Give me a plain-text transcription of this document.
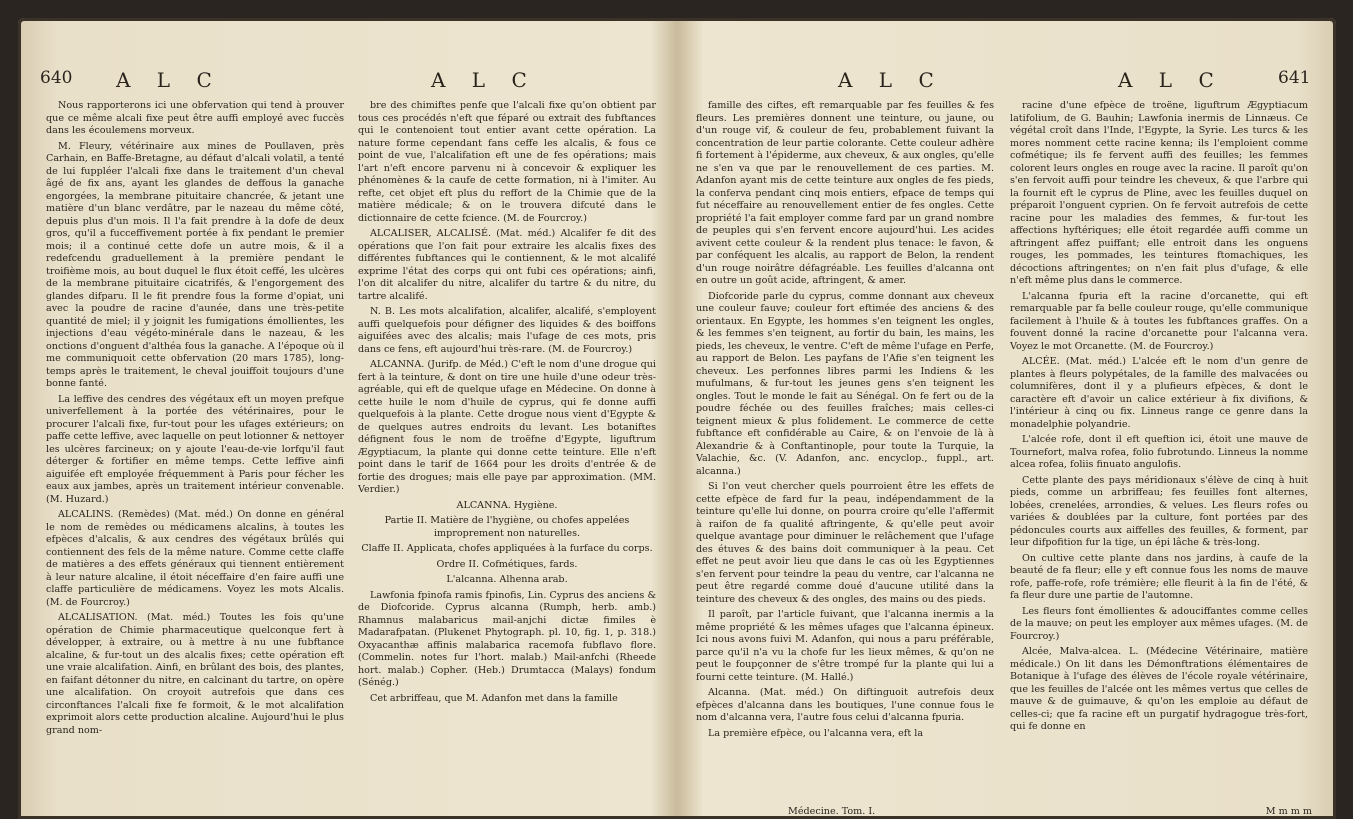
640 A L C	A L C

Nous rapporterons ici une obfervation qui tend à prouver que ce même alcali fixe peut être auffi employé avec fuccès dans les écoulemens morveux.

M. Fleury, vétérinaire aux mines de Poullaven, près Carhain, en Baffe-Bretagne, au défaut d'alcali volatil, a tenté de lui fuppléer l'alcali fixe dans le traitement d'un cheval âgé de fix ans, ayant les glandes de deffous la ganache engorgées, la membrane pituitaire chancrée, & jetant une matière d'un blanc verdâtre, par le nazeau du même côté, depuis plus d'un mois. Il l'a fait prendre à la dofe de deux gros, qu'il a fucceffivement portée à fix pendant le premier mois; il a continué cette dofe un autre mois, & il a redefcendu graduellement à la première pendant le troifième mois, au bout duquel le flux étoit ceffé, les ulcères de la membrane pituitaire cicatrifés, & l'engorgement des glandes difparu. Il le fit prendre fous la forme d'opiat, uni avec la poudre de racine d'aunée, dans une très-petite quantité de miel; il y joignit les fumigations émollientes, les injections d'eau végéto-minérale dans le nazeau, & les onctions d'onguent d'althéa fous la ganache. A l'époque où il me communiquoit cette obfervation (20 mars 1785), long-temps après le traitement, le cheval jouiffoit toujours d'une bonne fanté.

La leffive des cendres des végétaux eft un moyen prefque univerfellement à la portée des vétérinaires, pour le procurer l'alcali fixe, fur-tout pour les ufages extérieurs; on paffe cette leffive, avec laquelle on peut lotionner & nettoyer les ulcères farcineux; on y ajoute l'eau-de-vie lorfqu'il faut déterger & fortifier en même temps. Cette leffive ainfi aiguifée eft employée fréquemment à Paris pour fécher les eaux aux jambes, après un traitement intérieur convenable. (M. Huzard.)

ALCALINS. (Remèdes) (Mat. méd.) On donne en général le nom de remèdes ou médicamens alcalins, à toutes les efpèces d'alcalis, & aux cendres des végétaux brûlés qui contiennent des fels de la même nature. Comme cette claffe de matières a des effets généraux qui tiennent entièrement à leur nature alcaline, il étoit néceffaire d'en faire auffi une claffe particulière de médicamens. Voyez les mots Alcalis. (M. de Fourcroy.)

ALCALISATION. (Mat. méd.) Toutes les fois qu'une opération de Chimie pharmaceutique quelconque fert à développer, à extraire, ou à mettre à nu une fubftance alcaline, & fur-tout un des alcalis fixes; cette opération eft une vraie alcalifation. Ainfi, en brûlant des bois, des plantes, en faifant détonner du nitre, en calcinant du tartre, on opère une alcalifation. On croyoit autrefois que dans ces circonftances l'alcali fixe fe formoit, & le mot alcalifation exprimoit alors cette production alcaline. Aujourd'hui le plus grand nom-

bre des chimiftes penfe que l'alcali fixe qu'on obtient par tous ces procédés n'eft que féparé ou extrait des fubftances qui le contenoient tout entier avant cette opération. La nature forme cependant fans ceffe les alcalis, & fous ce point de vue, l'alcalifation eft une de fes opérations; mais l'art n'eft encore parvenu ni à concevoir & expliquer les phénomènes & la caufe de cette formation, ni à l'imiter. Au refte, cet objet eft plus du reffort de la Chimie que de la matière médicale; & on le trouvera difcuté dans le dictionnaire de cette fcience. (M. de Fourcroy.)

ALCALISER, ALCALISÉ. (Mat. méd.) Alcalifer fe dit des opérations que l'on fait pour extraire les alcalis fixes des différentes fubftances qui le contiennent, & le mot alcalifé exprime l'état des corps qui ont fubi ces opérations; ainfi, l'on dit alcalifer du nitre, alcalifer du tartre & du nitre, du tartre alcalifé.

N. B. Les mots alcalifation, alcalifer, alcalifé, s'employent auffi quelquefois pour défigner des liquides & des boiffons aiguifées avec des alcalis; mais l'ufage de ces mots, pris dans ce fens, eft aujourd'hui très-rare. (M. de Fourcroy.)

ALCANNA. (Jurifp. de Méd.) C'eft le nom d'une drogue qui fert à la teinture, & dont on tire une huile d'une odeur très-agréable, qui eft de quelque ufage en Médecine. On donne à cette huile le nom d'huile de cyprus, qui fe donne auffi quelquefois à la plante. Cette drogue nous vient d'Egypte & de quelques autres endroits du levant. Les botaniftes défignent fous le nom de troëfne d'Egypte, liguftrum Ægyptiacum, la plante qui donne cette teinture. Elle n'eft point dans le tarif de 1664 pour les droits d'entrée & de fortie des drogues; mais elle paye par approximation. (MM. Verdier.)

ALCANNA. Hygiène.

Partie II. Matière de l'hygiène, ou chofes appelées improprement non naturelles.

Claffe II. Applicata, chofes appliquées à la furface du corps.

Ordre II. Cofmétiques, fards.

L'alcanna. Alhenna arab.

Lawfonia fpinofa ramis fpinofis, Lin. Cyprus des anciens & de Diofcoride. Cyprus alcanna (Rumph, herb. amb.) Rhamnus malabaricus mail-anjchi dictæ fimiles è Madarafpatan. (Plukenet Phytograph. pl. 10, fig. 1, p. 318.) Oxyacanthæ affinis malabarica racemofa fubflavo flore. (Commelin. notes fur l'hort. malab.) Mail-anfchi (Rheede hort. malab.) Copher. (Heb.) Drumtacca (Malays) fondum (Sénég.)

Cet arbriffeau, que M. Adanfon met dans la famille

A L C	A L C	641

famille des ciftes, eft remarquable par fes feuilles & fes fleurs. Les premières donnent une teinture, ou jaune, ou d'un rouge vif, & couleur de feu, probablement fuivant la concentration de leur partie colorante. Cette couleur adhère fi fortement à l'épiderme, aux cheveux, & aux ongles, qu'elle ne s'en va que par le renouvellement de ces parties. M. Adanfon ayant mis de cette teinture aux ongles de fes pieds, la conferva pendant cinq mois entiers, efpace de temps qui fut néceffaire au renouvellement entier de fes ongles. Cette propriété l'a fait employer comme fard par un grand nombre de peuples qui s'en fervent encore aujourd'hui. Les acides avivent cette couleur & la rendent plus tenace: le favon, & par conféquent les alcalis, au rapport de Belon, la rendent d'un rouge noirâtre défagréable. Les feuilles d'alcanna ont en outre un goût acide, aftringent, & amer.

Diofcoride parle du cyprus, comme donnant aux cheveux une couleur fauve; couleur fort eftimée des anciens & des orientaux. En Egypte, les hommes s'en teignent les ongles, & les femmes s'en teignent, au fortir du bain, les mains, les pieds, les cheveux, le ventre. C'eft de même l'ufage en Perfe, au rapport de Belon. Les payfans de l'Afie s'en teignent les cheveux. Les perfonnes libres parmi les Indiens & les mufulmans, & fur-tout les jeunes gens s'en teignent les ongles. Tout le monde le fait au Sénégal. On fe fert ou de la poudre féchée ou des feuilles fraîches; mais celles-ci teignent mieux & plus folidement. Le commerce de cette fubftance eft confidérable au Caire, & on l'envoie de là à Alexandrie & à Conftantinople, pour toute la Turquie, la Valachie, &c. (V. Adanfon, anc. encyclop., fuppl., art. alcanna.)

Si l'on veut chercher quels pourroient être les effets de cette efpèce de fard fur la peau, indépendamment de la teinture qu'elle lui donne, on pourra croire qu'elle l'affermit à raifon de fa qualité aftringente, & qu'elle peut avoir quelque avantage pour diminuer le relâchement que l'ufage des étuves & des bains doit communiquer à la peau. Cet effet ne peut avoir lieu que dans le cas où les Egyptiennes s'en fervent pour teindre la peau du ventre, car l'alcanna ne peut être regardé comme doué d'aucune utilité dans la teinture des cheveux & des ongles, des mains ou des pieds.

Il paroît, par l'article fuivant, que l'alcanna inermis a la même propriété & les mêmes ufages que l'alcanna épineux. Ici nous avons fuivi M. Adanfon, qui nous a paru préférable, parce qu'il n'a vu la chofe fur les lieux mêmes, & qu'on ne peut le foupçonner de s'être trompé fur la plante qui lui a fourni cette teinture. (M. Hallé.)

Alcanna. (Mat. méd.) On diftinguoit autrefois deux efpèces d'alcanna dans les boutiques, l'une connue fous le nom d'alcanna vera, l'autre fous celui d'alcanna fpuria.

La première efpèce, ou l'alcanna vera, eft la

racine d'une efpèce de troëne, liguftrum Ægyptiacum latifolium, de G. Bauhin; Lawfonia inermis de Linnæus. Ce végétal croît dans l'Inde, l'Egypte, la Syrie. Les turcs & les mores nomment cette racine kenna; ils l'emploient comme cofmétique; ils fe fervent auffi des feuilles; les femmes colorent leurs ongles en rouge avec la racine. Il paroît qu'on s'en fervoit auffi pour teindre les cheveux, & que l'arbre qui la fournit eft le cyprus de Pline, avec les feuilles duquel on préparoit l'onguent cyprien. On fe fervoit autrefois de cette racine pour les maladies des femmes, & fur-tout les affections hyftériques; elle étoit regardée auffi comme un aftringent affez puiffant; elle entroit dans les onguens rouges, les pommades, les teintures ftomachiques, les décoctions aftringentes; on n'en fait plus d'ufage, & elle n'eft même plus dans le commerce.

L'alcanna fpuria eft la racine d'orcanette, qui eft remarquable par fa belle couleur rouge, qu'elle communique facilement à l'huile & à toutes les fubftances graffes. On a fouvent donné la racine d'orcanette pour l'alcanna vera. Voyez le mot Orcanette. (M. de Fourcroy.)

ALCÉE. (Mat. méd.) L'alcée eft le nom d'un genre de plantes à fleurs polypétales, de la famille des malvacées ou columnifères, dont il y a plufieurs efpèces, & dont le caractère eft d'avoir un calice extérieur à fix divifions, & l'intérieur à cinq ou fix. Linneus range ce genre dans la monadelphie polyandrie.

L'alcée rofe, dont il eft queftion ici, étoit une mauve de Tournefort, malva rofea, folio fubrotundo. Linneus la nomme alcea rofea, foliis finuato angulofis.

Cette plante des pays méridionaux s'élève de cinq à huit pieds, comme un arbriffeau; fes feuilles font alternes, lobées, crenelées, arrondies, & velues. Les fleurs rofes ou variées & doublées par la culture, font portées par des pédoncules courts aux aiffelles des feuilles, & forment, par leur difpofition fur la tige, un épi lâche & très-long.

On cultive cette plante dans nos jardins, à caufe de la beauté de fa fleur; elle y eft connue fous les noms de mauve rofe, paffe-rofe, rofe trémière; elle fleurit à la fin de l'été, & fa fleur dure une partie de l'automne.

Les fleurs font émollientes & adouciffantes comme celles de la mauve; on peut les employer aux mêmes ufages. (M. de Fourcroy.)

Alcée, Malva-alcea. L. (Médecine Vétérinaire, matière médicale.) On lit dans les Démonftrations élémentaires de Botanique à l'ufage des élèves de l'école royale vétérinaire, que les feuilles de l'alcée ont les mêmes vertus que celles de mauve & de guimauve, & qu'on les emploie au défaut de celles-ci; que fa racine eft un purgatif hydragogue très-fort, qui fe donne en

Médecine. Tom. I.	M m m m
